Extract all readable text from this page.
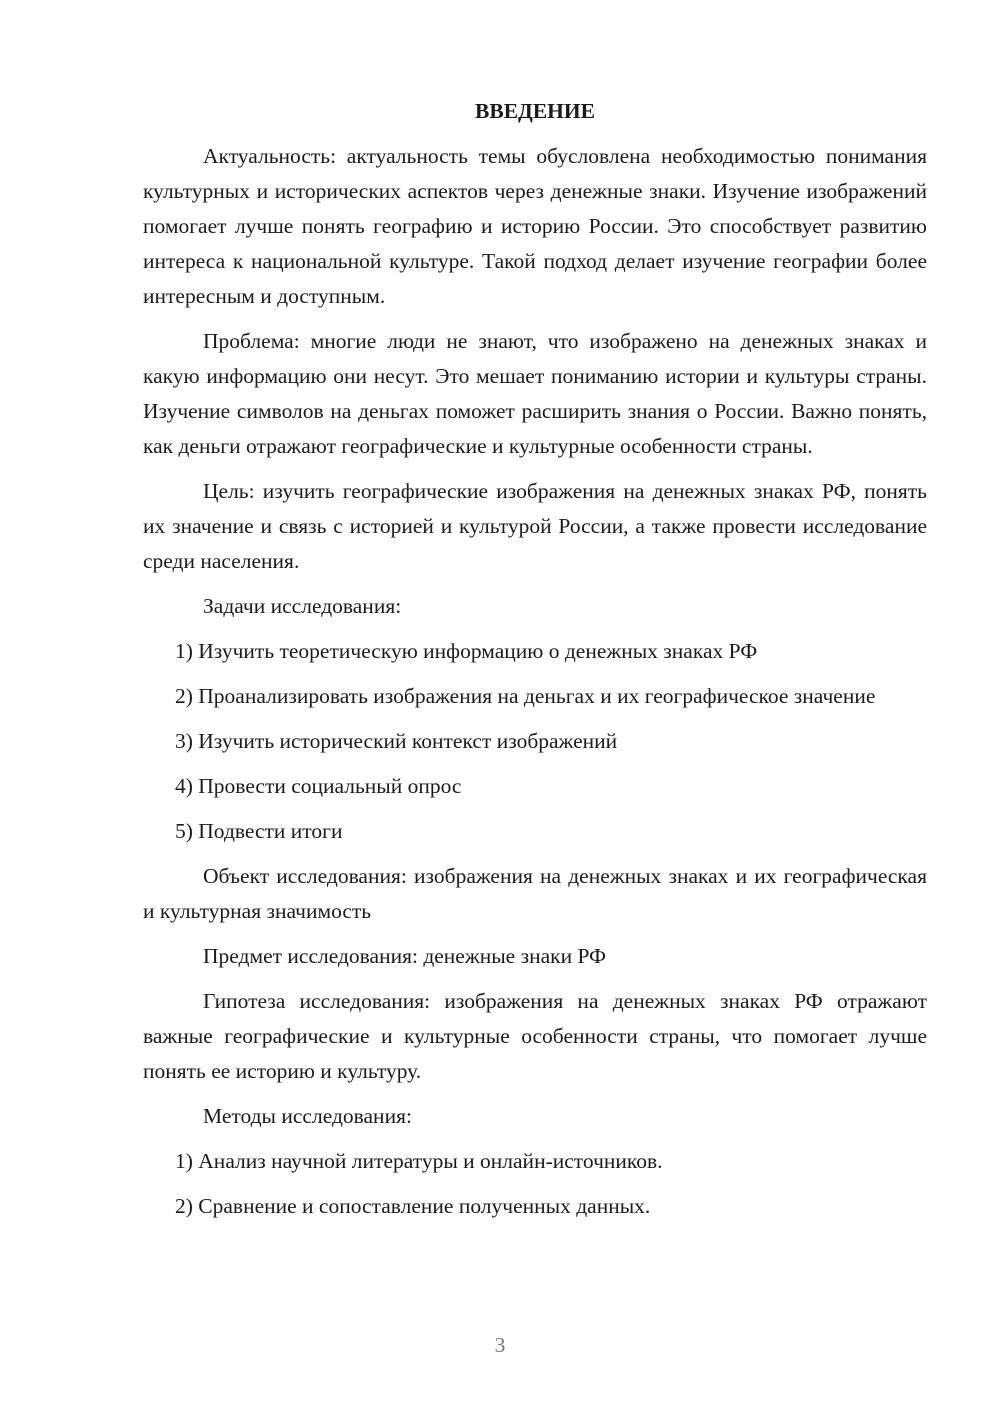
ВВЕДЕНИЕ

Актуальность: актуальность темы обусловлена необходимостью понимания культурных и исторических аспектов через денежные знаки. Изучение изображений помогает лучше понять географию и историю России. Это способствует развитию интереса к национальной культуре. Такой подход делает изучение географии более интересным и доступным.

Проблема: многие люди не знают, что изображено на денежных знаках и какую информацию они несут. Это мешает пониманию истории и культуры страны. Изучение символов на деньгах поможет расширить знания о России. Важно понять, как деньги отражают географические и культурные особенности страны.

Цель: изучить географические изображения на денежных знаках РФ, понять их значение и связь с историей и культурой России, а также провести исследование среди населения.

Задачи исследования:

1) Изучить теоретическую информацию о денежных знаках РФ

2) Проанализировать изображения на деньгах и их географическое значение

3) Изучить исторический контекст изображений

4) Провести социальный опрос

5) Подвести итоги

Объект исследования: изображения на денежных знаках и их географическая и культурная значимость

Предмет исследования: денежные знаки РФ

Гипотеза исследования: изображения на денежных знаках РФ отражают важные географические и культурные особенности страны, что помогает лучше понять ее историю и культуру.

Методы исследования:

1) Анализ научной литературы и онлайн-источников.

2) Сравнение и сопоставление полученных данных.

3
